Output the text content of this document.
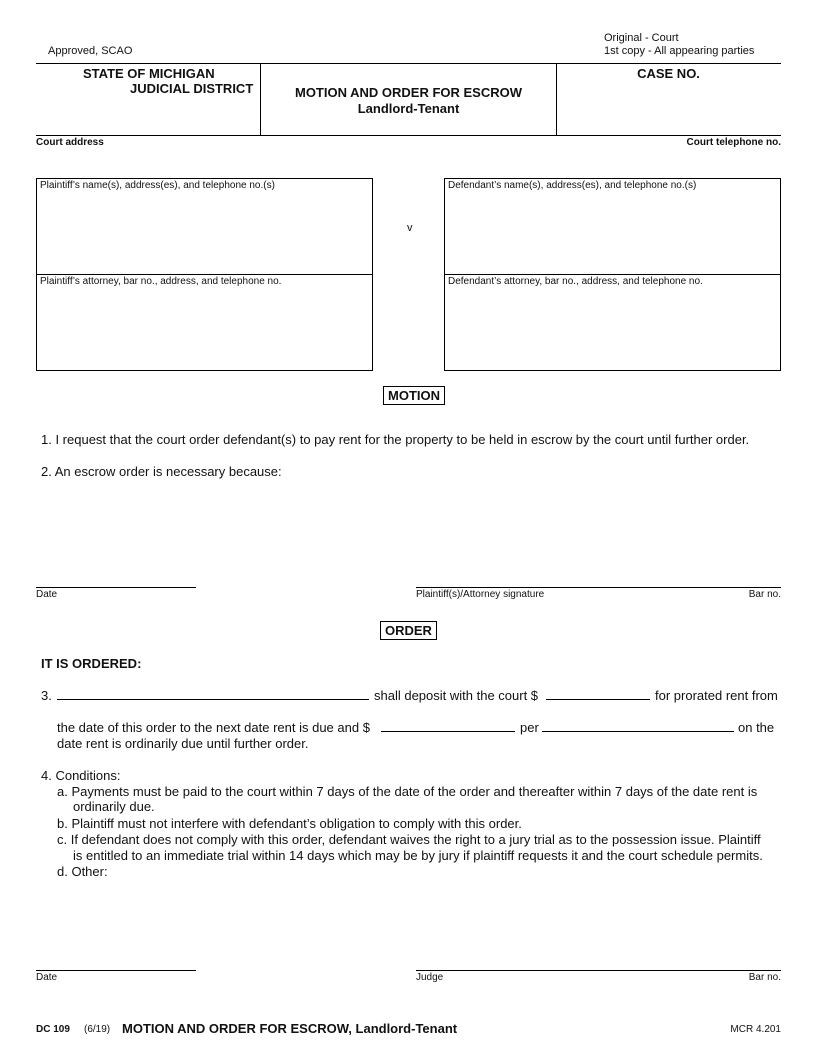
Approved, SCAO
Original - Court
1st copy - All appearing parties
STATE OF MICHIGAN
JUDICIAL DISTRICT	MOTION AND ORDER FOR ESCROW
Landlord-Tenant
CASE NO.
Court address	Court telephone no.
Plaintiff’s name(s), address(es), and telephone no.(s)
Plaintiff’s attorney, bar no., address, and telephone no.
v
Defendant’s name(s), address(es), and telephone no.(s)
Defendant’s attorney, bar no., address, and telephone no.
MOTION
1. I request that the court order defendant(s) to pay rent for the property to be held in escrow by the court until further order.
2. An escrow order is necessary because:
Date	Plaintiff(s)/Attorney signature	Bar no.
ORDER
IT IS ORDERED:
3.	shall deposit with the court $	for prorated rent from
the date of this order to the next date rent is due and $	per	on the
date rent is ordinarily due until further order.
4. Conditions:
a. Payments must be paid to the court within 7 days of the date of the order and thereafter within 7 days of the date rent is
ordinarily due.
b. Plaintiff must not interfere with defendant’s obligation to comply with this order.
c. If defendant does not comply with this order, defendant waives the right to a jury trial as to the possession issue. Plaintiff
is entitled to an immediate trial within 14 days which may be by jury if plaintiff requests it and the court schedule permits.
d. Other:
Date	Judge	Bar no.
DC 109 (6/19) MOTION AND ORDER FOR ESCROW, Landlord-Tenant	MCR 4.201
